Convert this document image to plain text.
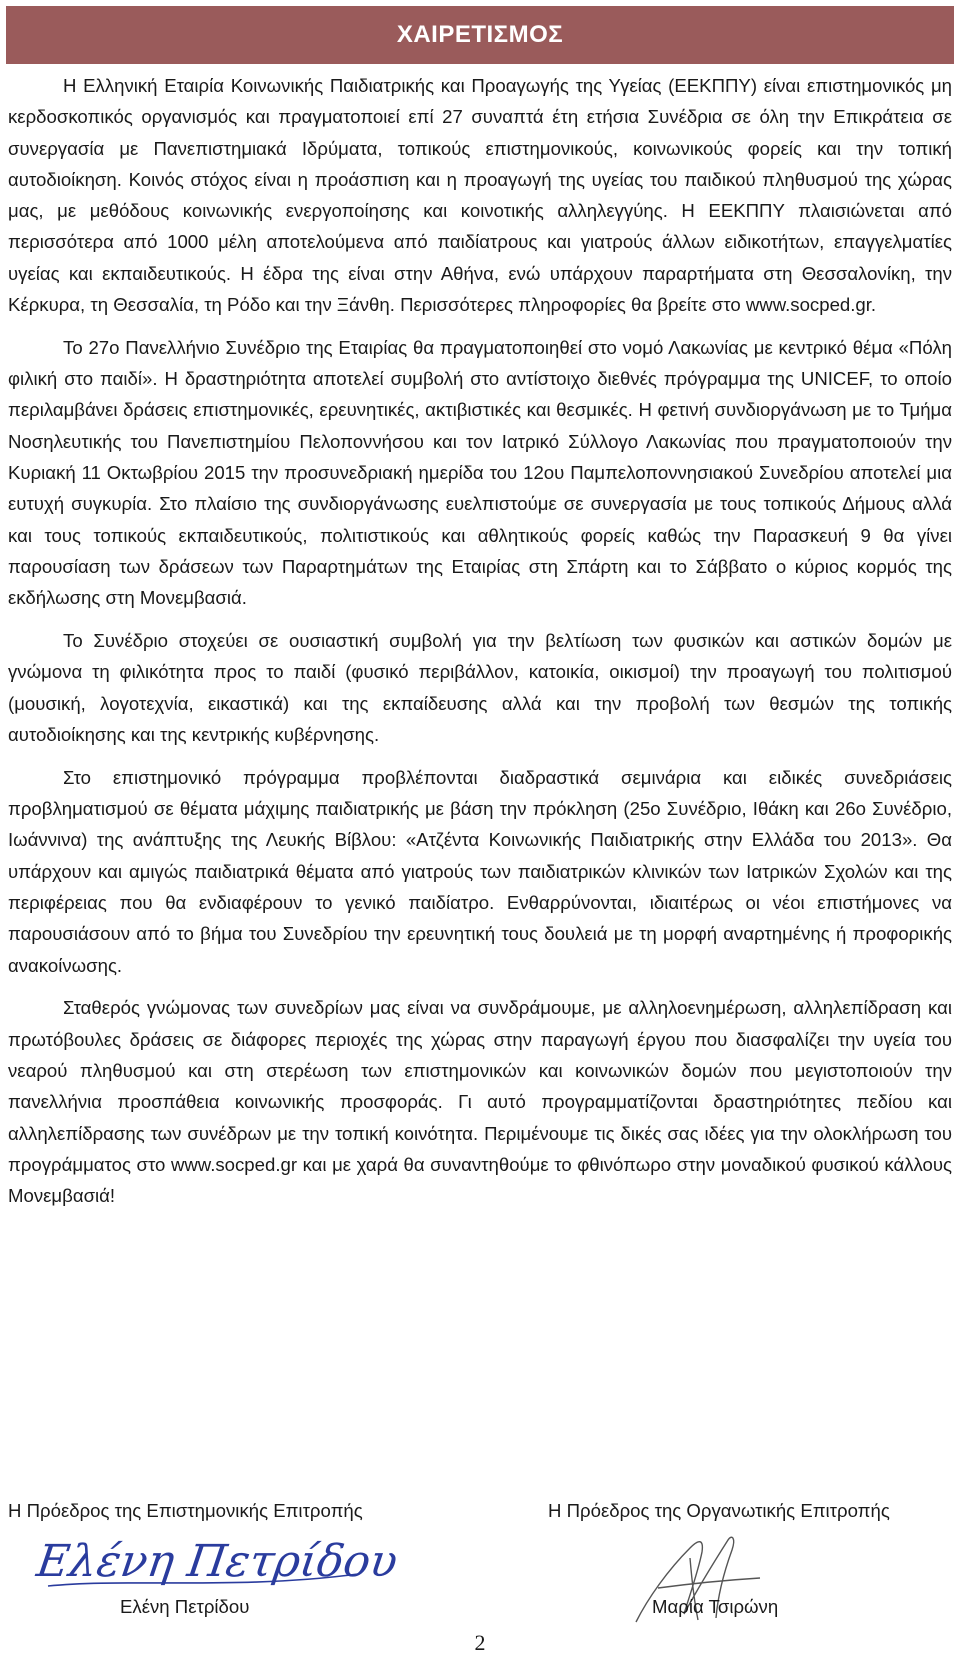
ΧΑΙΡΕΤΙΣΜΟΣ

Η Ελληνική Εταιρία Κοινωνικής Παιδιατρικής και Προαγωγής της Υγείας (ΕΕΚΠΠΥ) είναι επιστημονικός μη κερδοσκοπικός οργανισμός και πραγματοποιεί επί 27 συναπτά έτη ετήσια Συνέδρια σε όλη την Επικράτεια σε συνεργασία με Πανεπιστημιακά Ιδρύματα, τοπικούς επιστημονικούς, κοινωνικούς φορείς και την τοπική αυτοδιοίκηση. Κοινός στόχος είναι η προάσπιση και η προαγωγή της υγείας του παιδικού πληθυσμού της χώρας μας, με μεθόδους κοινωνικής ενεργοποίησης και κοινοτικής αλληλεγγύης. Η ΕΕΚΠΠΥ πλαισιώνεται από περισσότερα από 1000 μέλη αποτελούμενα από παιδίατρους και γιατρούς άλλων ειδικοτήτων, επαγγελματίες υγείας και εκπαιδευτικούς. Η έδρα της είναι στην Αθήνα, ενώ υπάρχουν παραρτήματα στη Θεσσαλονίκη, την Κέρκυρα, τη Θεσσαλία, τη Ρόδο και την Ξάνθη. Περισσότερες πληροφορίες θα βρείτε στο www.socped.gr.

Το 27ο Πανελλήνιο Συνέδριο της Εταιρίας θα πραγματοποιηθεί στο νομό Λακωνίας με κεντρικό θέμα «Πόλη φιλική στο παιδί». Η δραστηριότητα αποτελεί συμβολή στο αντίστοιχο διεθνές πρόγραμμα της UNICEF, το οποίο περιλαμβάνει δράσεις επιστημονικές, ερευνητικές, ακτιβιστικές και θεσμικές. Η φετινή συνδιοργάνωση με το Τμήμα Νοσηλευτικής του Πανεπιστημίου Πελοποννήσου και τον Ιατρικό Σύλλογο Λακωνίας που πραγματοποιούν την Κυριακή 11 Οκτωβρίου 2015 την προσυνεδριακή ημερίδα του 12ου Παμπελοποννησιακού Συνεδρίου αποτελεί μια ευτυχή συγκυρία. Στο πλαίσιο της συνδιοργάνωσης ευελπιστούμε σε συνεργασία με τους τοπικούς Δήμους αλλά και τους τοπικούς εκπαιδευτικούς, πολιτιστικούς και αθλητικούς φορείς καθώς την Παρασκευή 9 θα γίνει παρουσίαση των δράσεων των Παραρτημάτων της Εταιρίας στη Σπάρτη και το Σάββατο ο κύριος κορμός της εκδήλωσης στη Μονεμβασιά.

Το Συνέδριο στοχεύει σε ουσιαστική συμβολή για την βελτίωση των φυσικών και αστικών δομών με γνώμονα τη φιλικότητα προς το παιδί (φυσικό περιβάλλον, κατοικία, οικισμοί) την προαγωγή του πολιτισμού (μουσική, λογοτεχνία, εικαστικά) και της εκπαίδευσης αλλά και την προβολή των θεσμών της τοπικής αυτοδιοίκησης και της κεντρικής κυβέρνησης.

Στο επιστημονικό πρόγραμμα προβλέπονται διαδραστικά σεμινάρια και ειδικές συνεδριάσεις προβληματισμού σε θέματα μάχιμης παιδιατρικής με βάση την πρόκληση (25ο Συνέδριο, Ιθάκη και 26ο Συνέδριο, Ιωάννινα) της ανάπτυξης της Λευκής Βίβλου: «Ατζέντα Κοινωνικής Παιδιατρικής στην Ελλάδα του 2013». Θα υπάρχουν και αμιγώς παιδιατρικά θέματα από γιατρούς των παιδιατρικών κλινικών των Ιατρικών Σχολών και της περιφέρειας που θα ενδιαφέρουν το γενικό παιδίατρο. Ενθαρρύνονται, ιδιαιτέρως οι νέοι επιστήμονες να παρουσιάσουν από το βήμα του Συνεδρίου την ερευνητική τους δουλειά με τη μορφή αναρτημένης ή προφορικής ανακοίνωσης.

Σταθερός γνώμονας των συνεδρίων μας είναι να συνδράμουμε, με αλληλοενημέρωση, αλληλεπίδραση και πρωτόβουλες δράσεις σε διάφορες περιοχές της χώρας στην παραγωγή έργου που διασφαλίζει την υγεία του νεαρού πληθυσμού και στη στερέωση των επιστημονικών και κοινωνικών δομών που μεγιστοποιούν την πανελλήνια προσπάθεια κοινωνικής προσφοράς. Γι αυτό προγραμματίζονται δραστηριότητες πεδίου και αλληλεπίδρασης των συνέδρων με την τοπική κοινότητα. Περιμένουμε τις δικές σας ιδέες για την ολοκλήρωση του προγράμματος στο www.socped.gr και με χαρά θα συναντηθούμε το φθινόπωρο στην μοναδικού φυσικού κάλλους Μονεμβασιά!

Η Πρόεδρος της Επιστημονικής Επιτροπής
Ελένη Πετρίδου
Ελένη Πετρίδου
Η Πρόεδρος της Οργανωτικής Επιτροπής
Μαρία Τσιρώνη
2
